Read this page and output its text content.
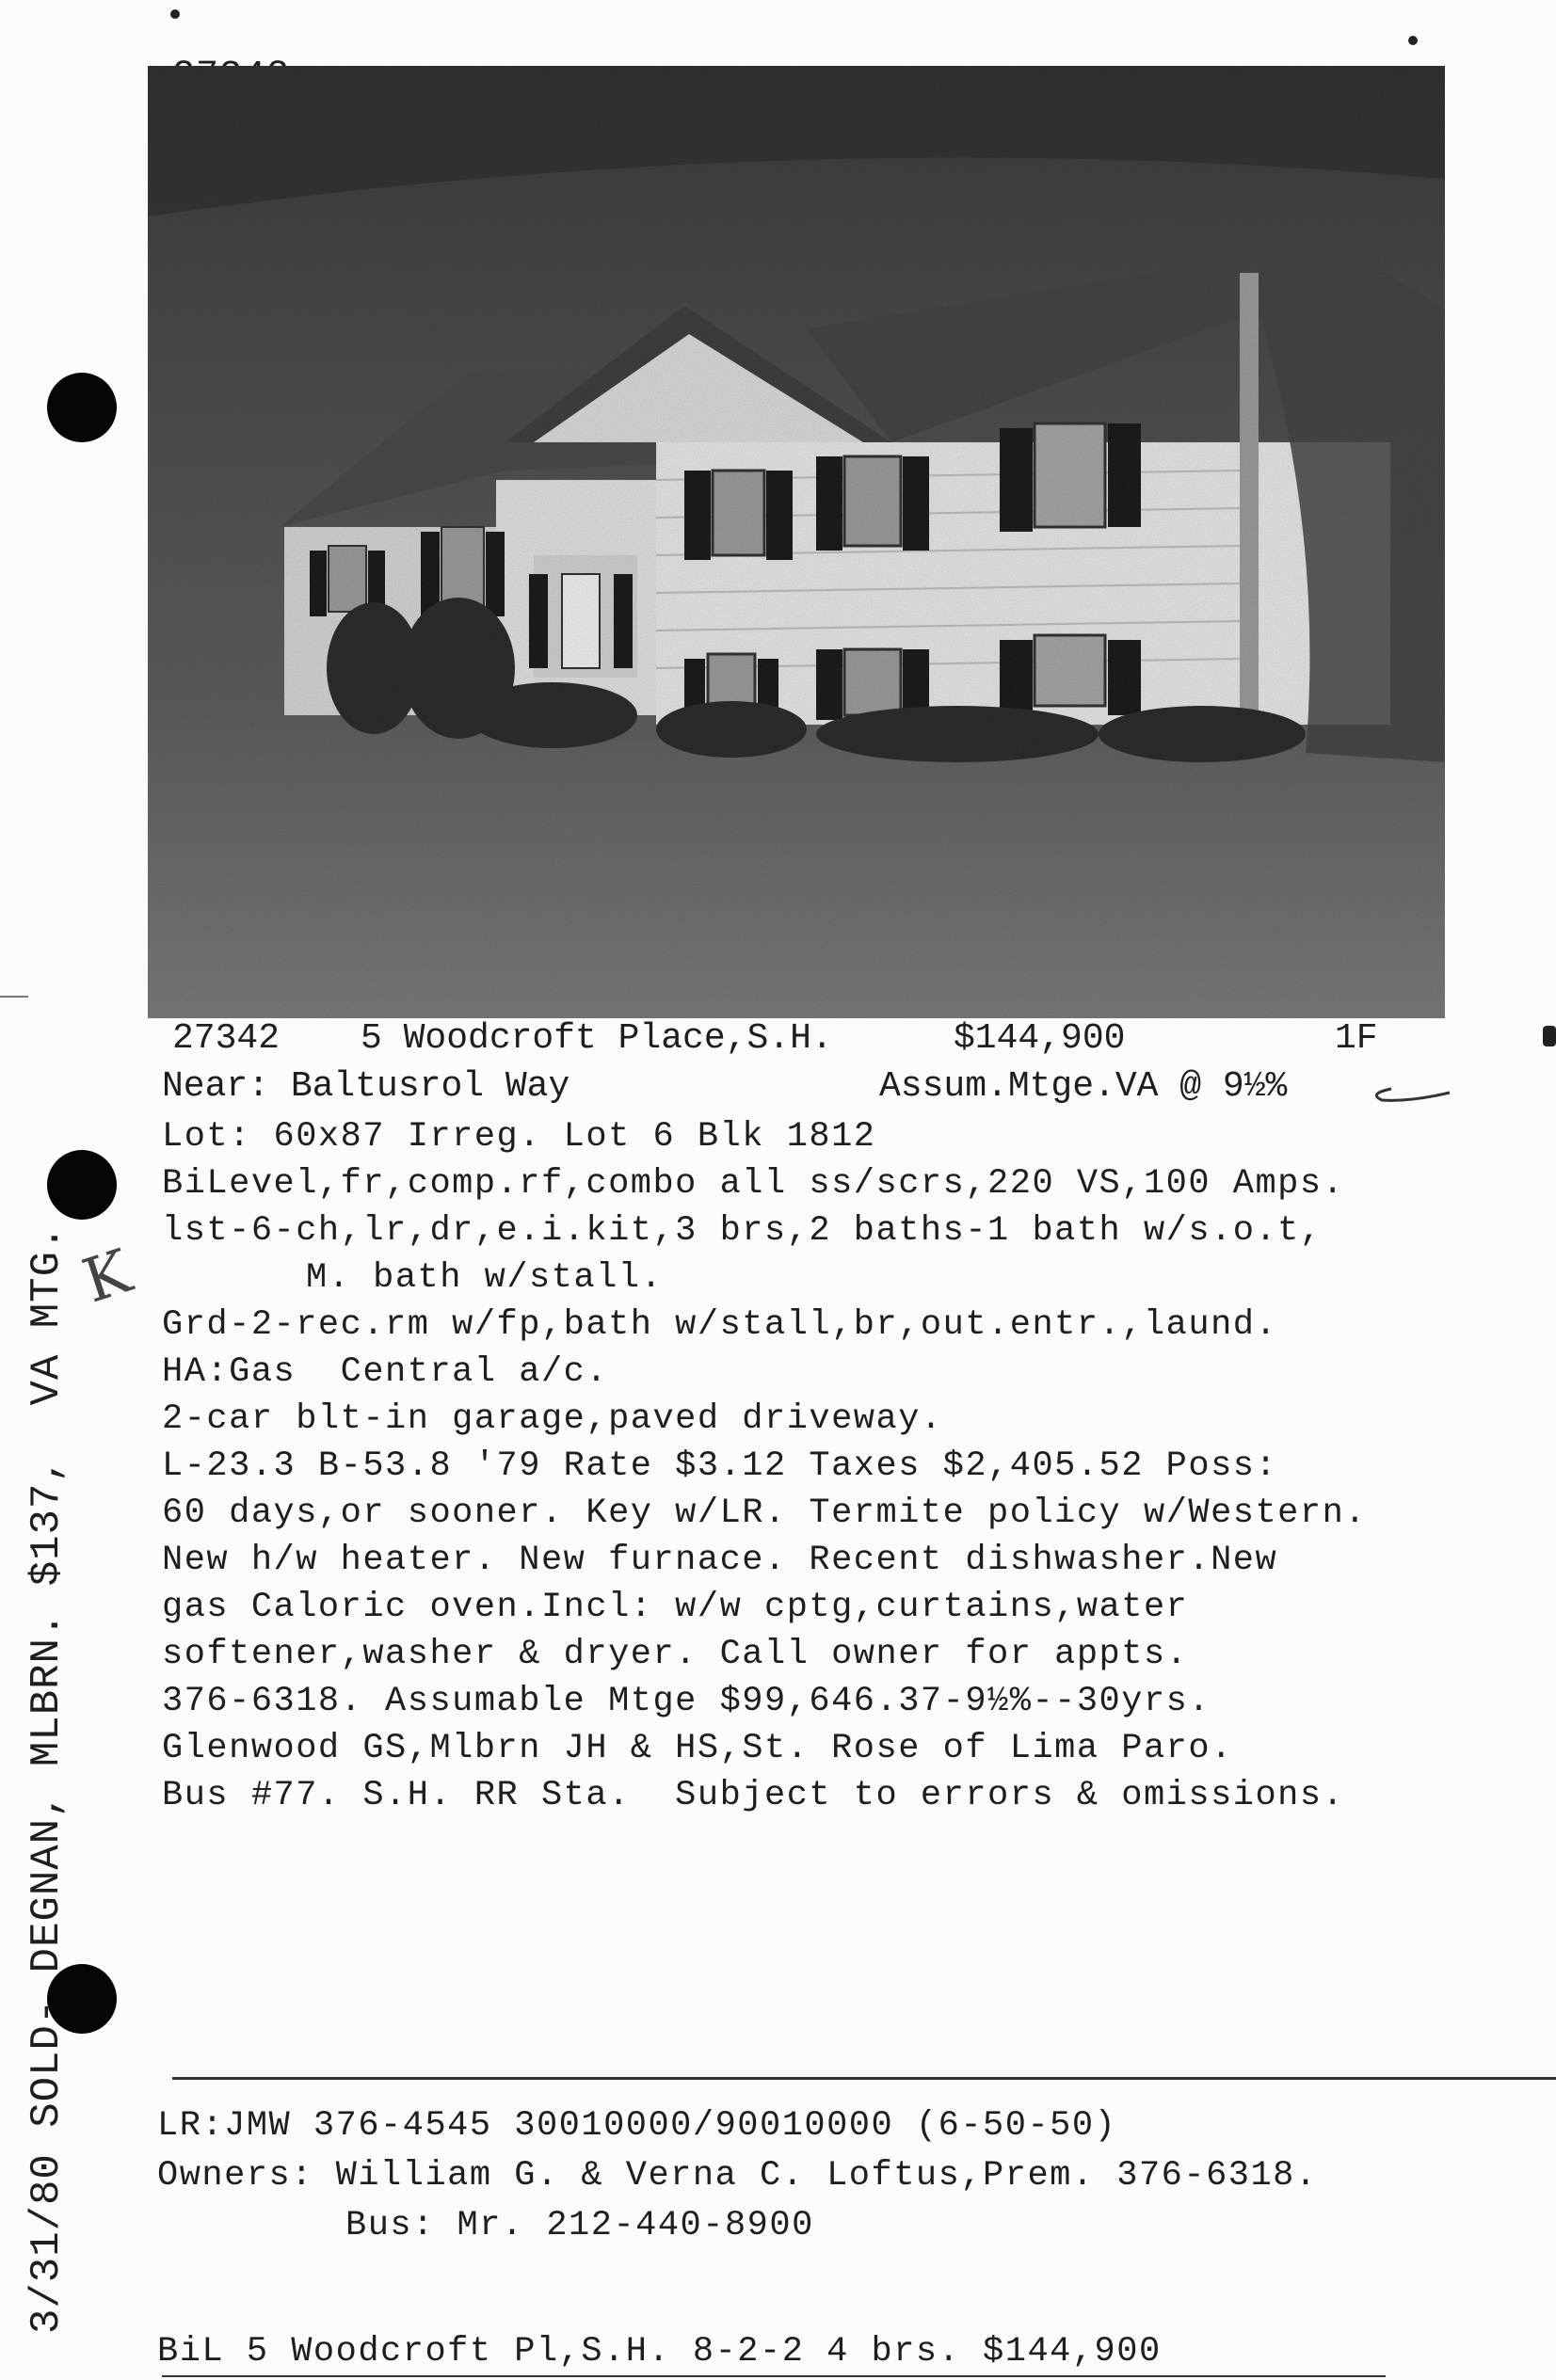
27342 5 Woodcroft Place,S.H.	$144,900	1F
Near: Baltusrol Way	Assum.Mtge.VA @ 9½%
Lot: 60x87 Irreg. Lot 6 Blk 1812
BiLevel,fr,comp.rf,combo all ss/scrs,220 VS,100 Amps.
lst-6-ch,lr,dr,e.i.kit,3 brs,2 baths-1 bath w/s.o.t,
M. bath w/stall.
Grd-2-rec.rm w/fp,bath w/stall,br,out.entr.,laund.
HA:Gas  Central a/c.
2-car blt-in garage,paved driveway.
L-23.3 B-53.8 '79 Rate $3.12 Taxes $2,405.52 Poss:
60 days,or sooner. Key w/LR. Termite policy w/Western.
New h/w heater. New furnace. Recent dishwasher.New
gas Caloric oven.Incl: w/w cptg,curtains,water
softener,washer & dryer. Call owner for appts.
376-6318. Assumable Mtge $99,646.37-9½%--30yrs.
Glenwood GS,Mlbrn JH & HS,St. Rose of Lima Paro.
Bus #77. S.H. RR Sta.  Subject to errors & omissions.
K
LR:JMW 376-4545 30010000/90010000 (6-50-50)
Owners: William G. & Verna C. Loftus,Prem. 376-6318.
Bus: Mr. 212-440-8900
BiL 5 Woodcroft Pl,S.H. 8-2-2 4 brs. $144,900
3/31/80 SOLD- DEGNAN, MLBRN. $137,  VA MTG.
